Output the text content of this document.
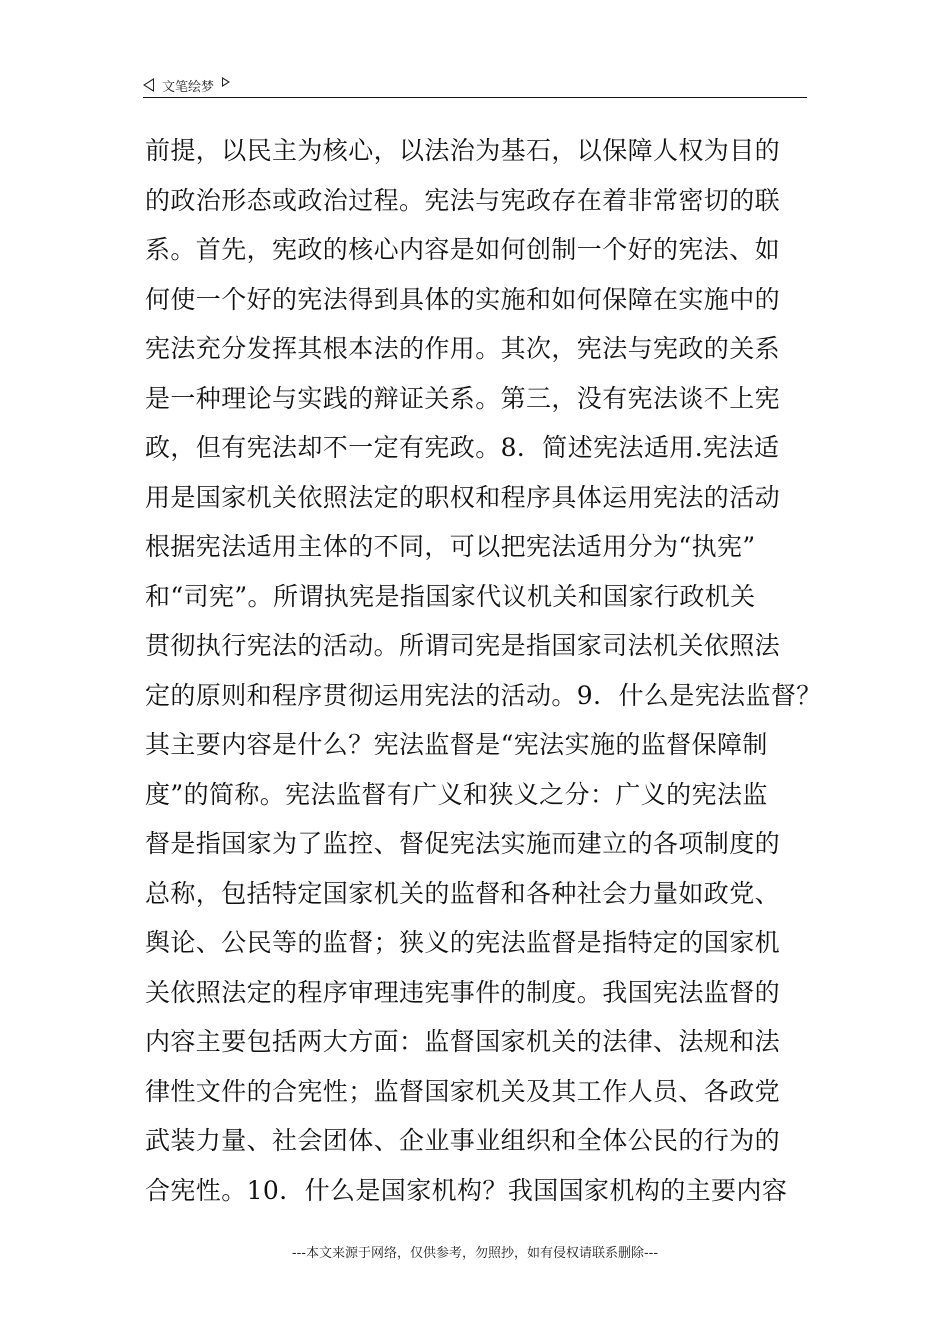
文笔绘梦
前提，以民主为核心，以法治为基石，以保障人权为目的
的政治形态或政治过程。宪法与宪政存在着非常密切的联
系。首先，宪政的核心内容是如何创制一个好的宪法、如
何使一个好的宪法得到具体的实施和如何保障在实施中的
宪法充分发挥其根本法的作用。其次，宪法与宪政的关系
是一种理论与实践的辩证关系。第三，没有宪法谈不上宪
政，但有宪法却不一定有宪政。8．简述宪法适用.宪法适
用是国家机关依照法定的职权和程序具体运用宪法的活动
根据宪法适用主体的不同，可以把宪法适用分为“执宪”
和“司宪”。所谓执宪是指国家代议机关和国家行政机关
贯彻执行宪法的活动。所谓司宪是指国家司法机关依照法
定的原则和程序贯彻运用宪法的活动。9．什么是宪法监督？
其主要内容是什么？宪法监督是“宪法实施的监督保障制
度”的简称。宪法监督有广义和狭义之分：广义的宪法监
督是指国家为了监控、督促宪法实施而建立的各项制度的
总称，包括特定国家机关的监督和各种社会力量如政党、
舆论、公民等的监督；狭义的宪法监督是指特定的国家机
关依照法定的程序审理违宪事件的制度。我国宪法监督的
内容主要包括两大方面：监督国家机关的法律、法规和法
律性文件的合宪性；监督国家机关及其工作人员、各政党
武装力量、社会团体、企业事业组织和全体公民的行为的
合宪性。10．什么是国家机构？我国国家机构的主要内容
---本文来源于网络，仅供参考，勿照抄，如有侵权请联系删除---
